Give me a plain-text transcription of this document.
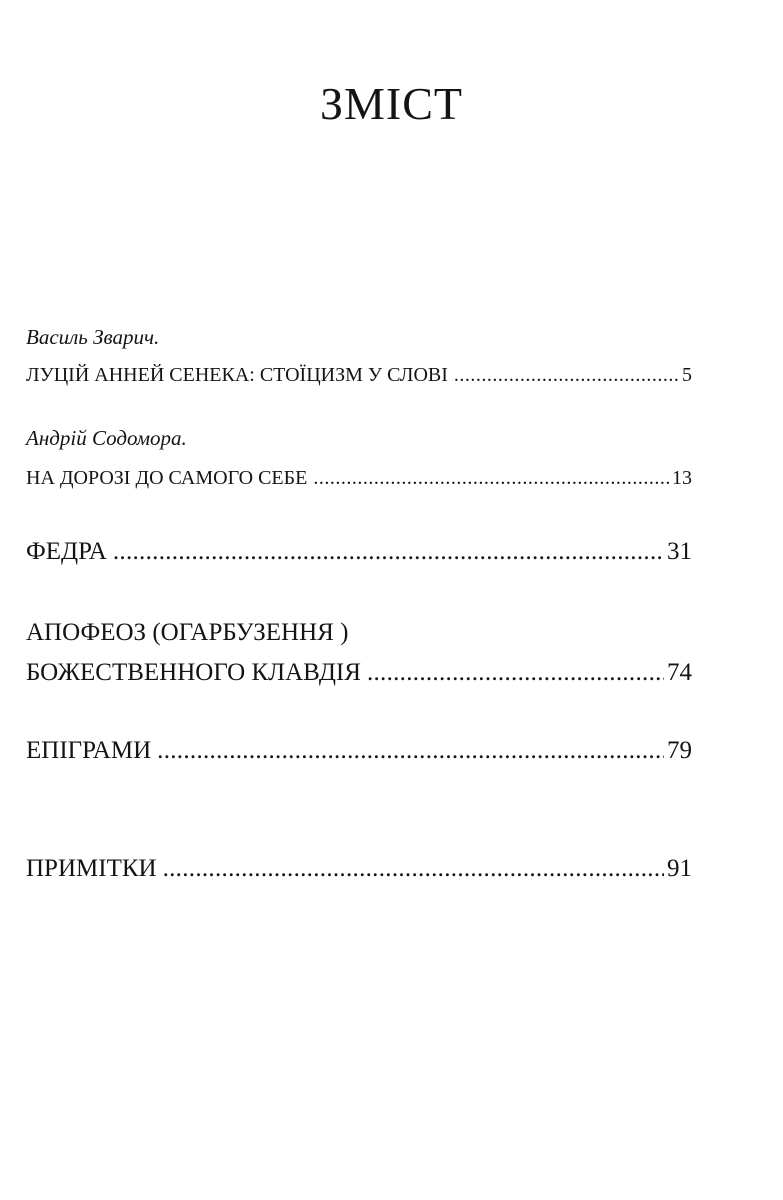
ЗМІСТ
Василь Зварич.
ЛУЦІЙ АННЕЙ СЕНЕКА: СТОЇЦИЗМ У СЛОВІ .....	5
Андрій Содомора.
НА ДОРОЗІ ДО САМОГО СЕБЕ .....	13
ФЕДРА .....	31
АПОФЕОЗ (ОГАРБУЗЕННЯ )
БОЖЕСТВЕННОГО КЛАВДІЯ .....	74
ЕПІГРАМИ .....	79
ПРИМІТКИ .....	91
